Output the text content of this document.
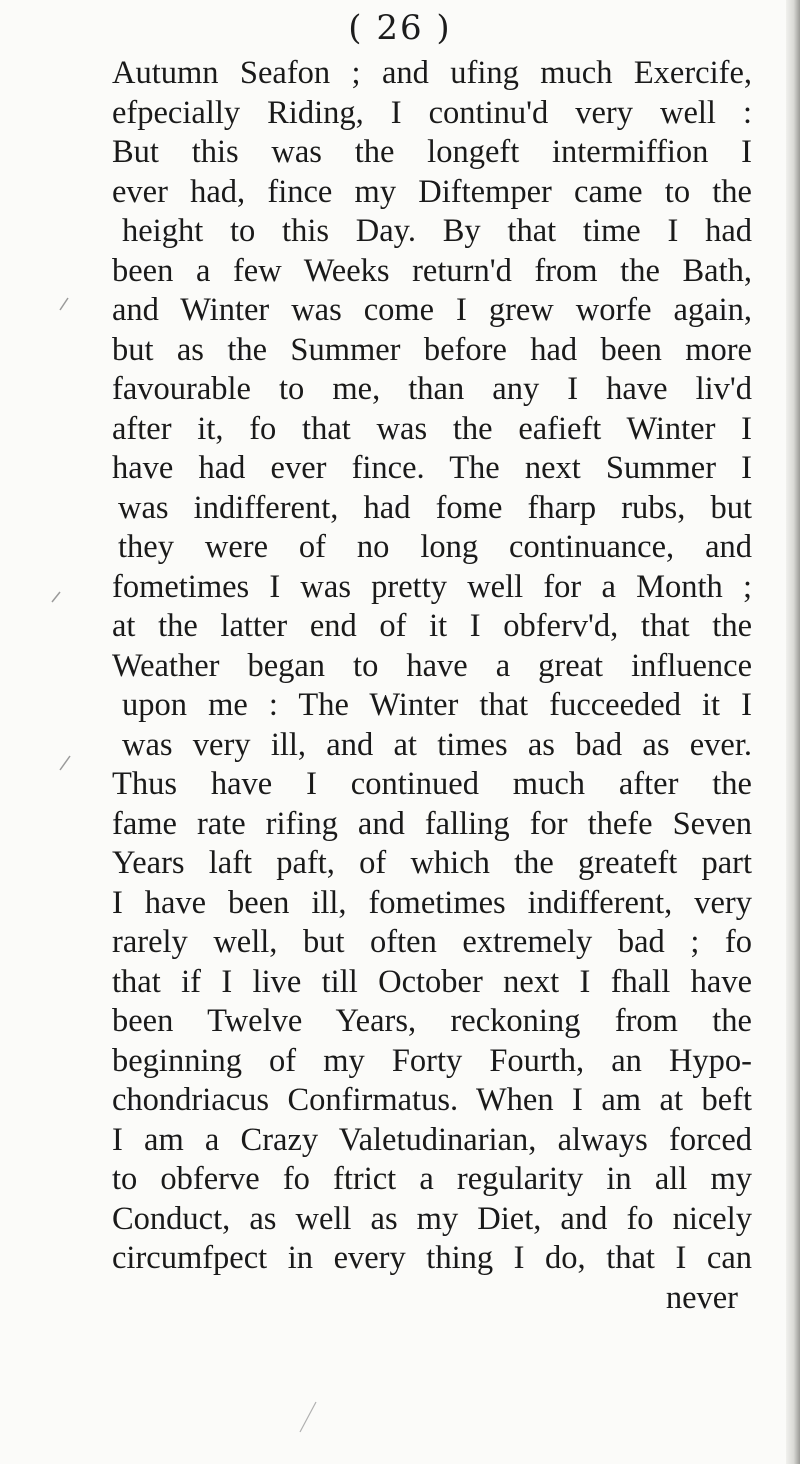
( 26 )
Autumn Seafon ; and ufing much Exercife,
efpecially Riding, I continu'd very well :
But this was the longeft intermiffion I
ever had, fince my Diftemper came to the
height to this Day. By that time I had
been a few Weeks return'd from the Bath,
and Winter was come I grew worfe again,
but as the Summer before had been more
favourable to me, than any I have liv'd
after it, fo that was the eafieft Winter I
have had ever fince. The next Summer I
was indifferent, had fome fharp rubs, but
they were of no long continuance, and
fometimes I was pretty well for a Month ;
at the latter end of it I obferv'd, that the
Weather began to have a great influence
upon me : The Winter that fucceeded it I
was very ill, and at times as bad as ever.
Thus have I continued much after the
fame rate rifing and falling for thefe Seven
Years laft paft, of which the greateft part
I have been ill, fometimes indifferent, very
rarely well, but often extremely bad ; fo
that if I live till October next I fhall have
been Twelve Years, reckoning from the
beginning of my Forty Fourth, an Hypo-
chondriacus Confirmatus. When I am at beft
I am a Crazy Valetudinarian, always forced
to obferve fo ftrict a regularity in all my
Conduct, as well as my Diet, and fo nicely
circumfpect in every thing I do, that I can
never
